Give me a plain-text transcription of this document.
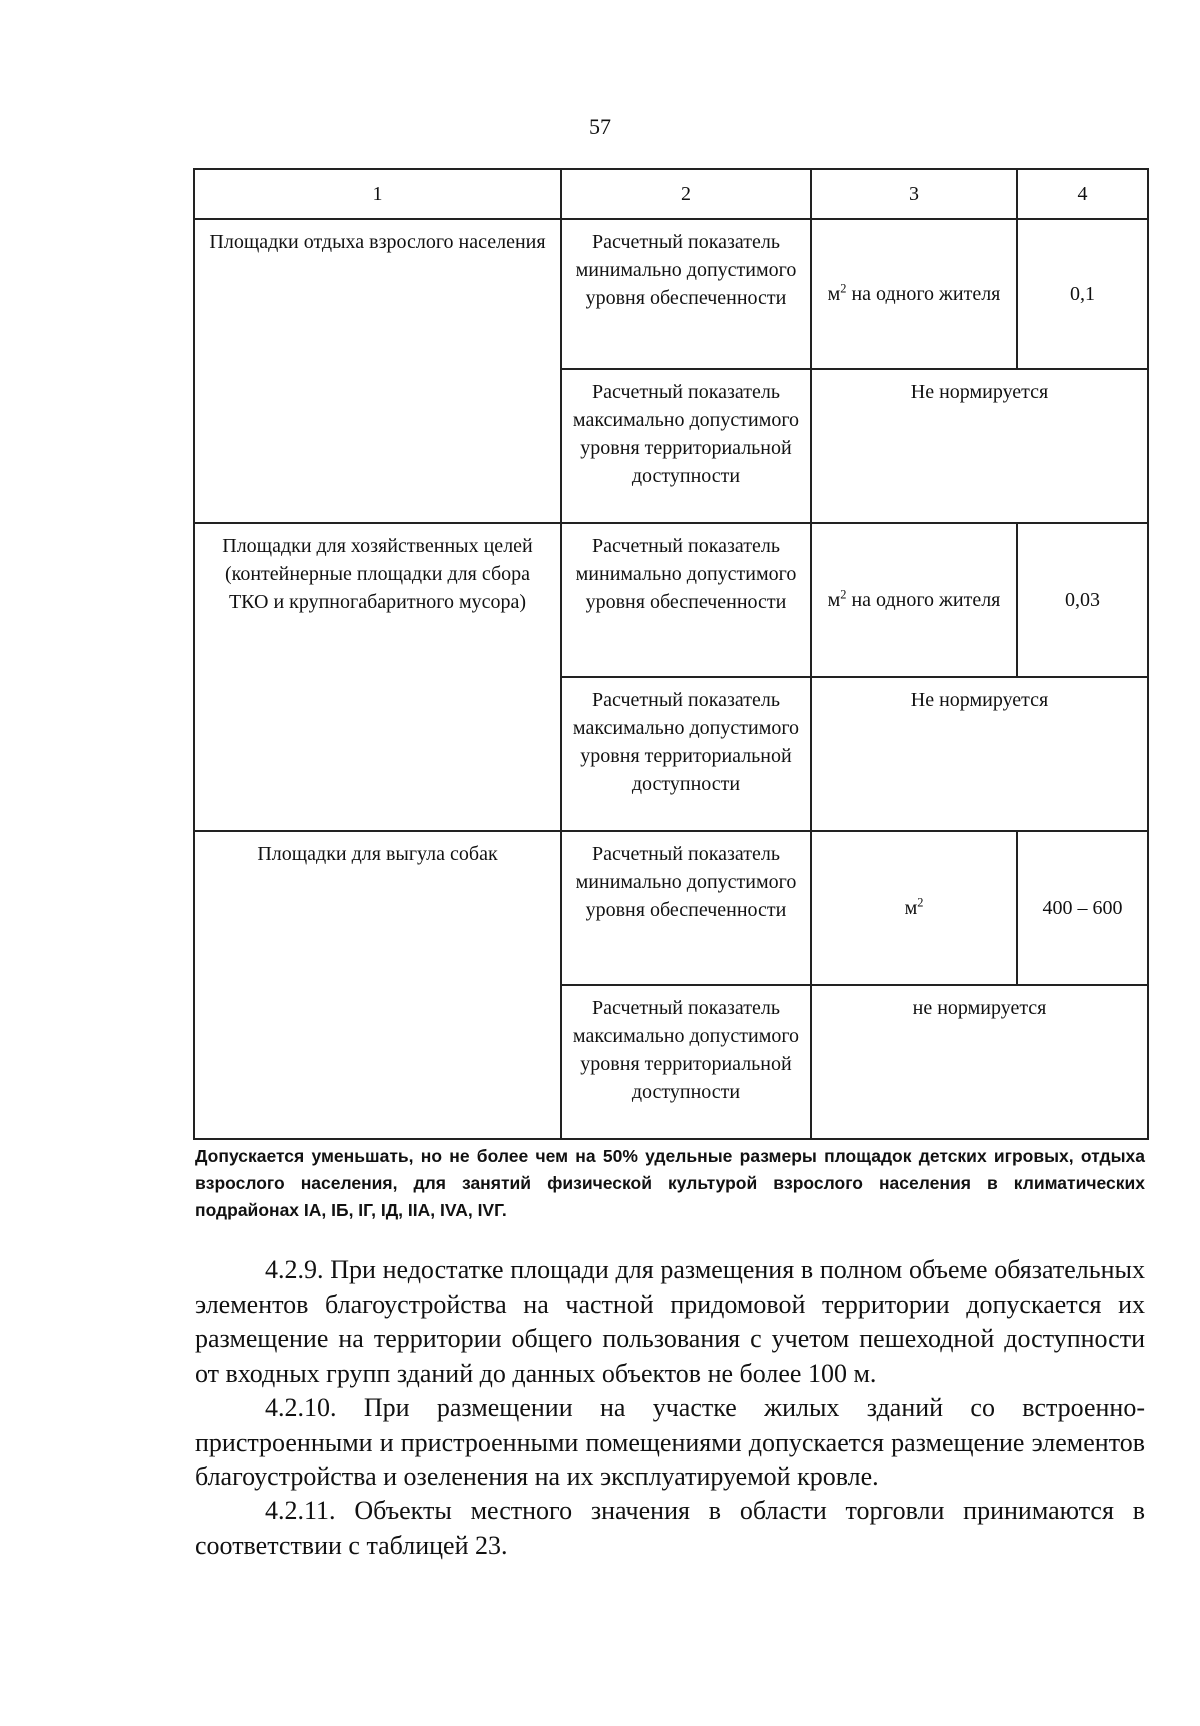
57
1	2	3	4
Площадки отдыха взрослого населения	Расчетный показатель минимально допустимого уровня обеспеченности	$м^2$ на одного жителя	0,1
	Расчетный показатель максимально допустимого уровня территориальной доступности	Не нормируется	
Площадки для хозяйственных целей (контейнерные площадки для сбора ТКО и крупногабаритного мусора)	Расчетный показатель минимально допустимого уровня обеспеченности	$м^2$ на одного жителя	0,03
	Расчетный показатель максимально допустимого уровня территориальной доступности	Не нормируется	
Площадки для выгула собак	Расчетный показатель минимально допустимого уровня обеспеченности	$м^2$	400 – 600
	Расчетный показатель максимально допустимого уровня территориальной доступности	не нормируется	
Допускается уменьшать, но не более чем на 50% удельные размеры площадок детских игровых, отдыха взрослого населения, для занятий физической культурой взрослого населения в климатических подрайонах IA, IБ, IГ, IД, IIA, IVA, IVГ.

4.2.9. При недостатке площади для размещения в полном объеме обязательных элементов благоустройства на частной придомовой территории допускается их размещение на территории общего пользования с учетом пешеходной доступности от входных групп зданий до данных объектов не более 100 м.

4.2.10. При размещении на участке жилых зданий со встроенно-пристроенными и пристроенными помещениями допускается размещение элементов благоустройства и озеленения на их эксплуатируемой кровле.

4.2.11. Объекты местного значения в области торговли принимаются в соответствии с таблицей 23.
